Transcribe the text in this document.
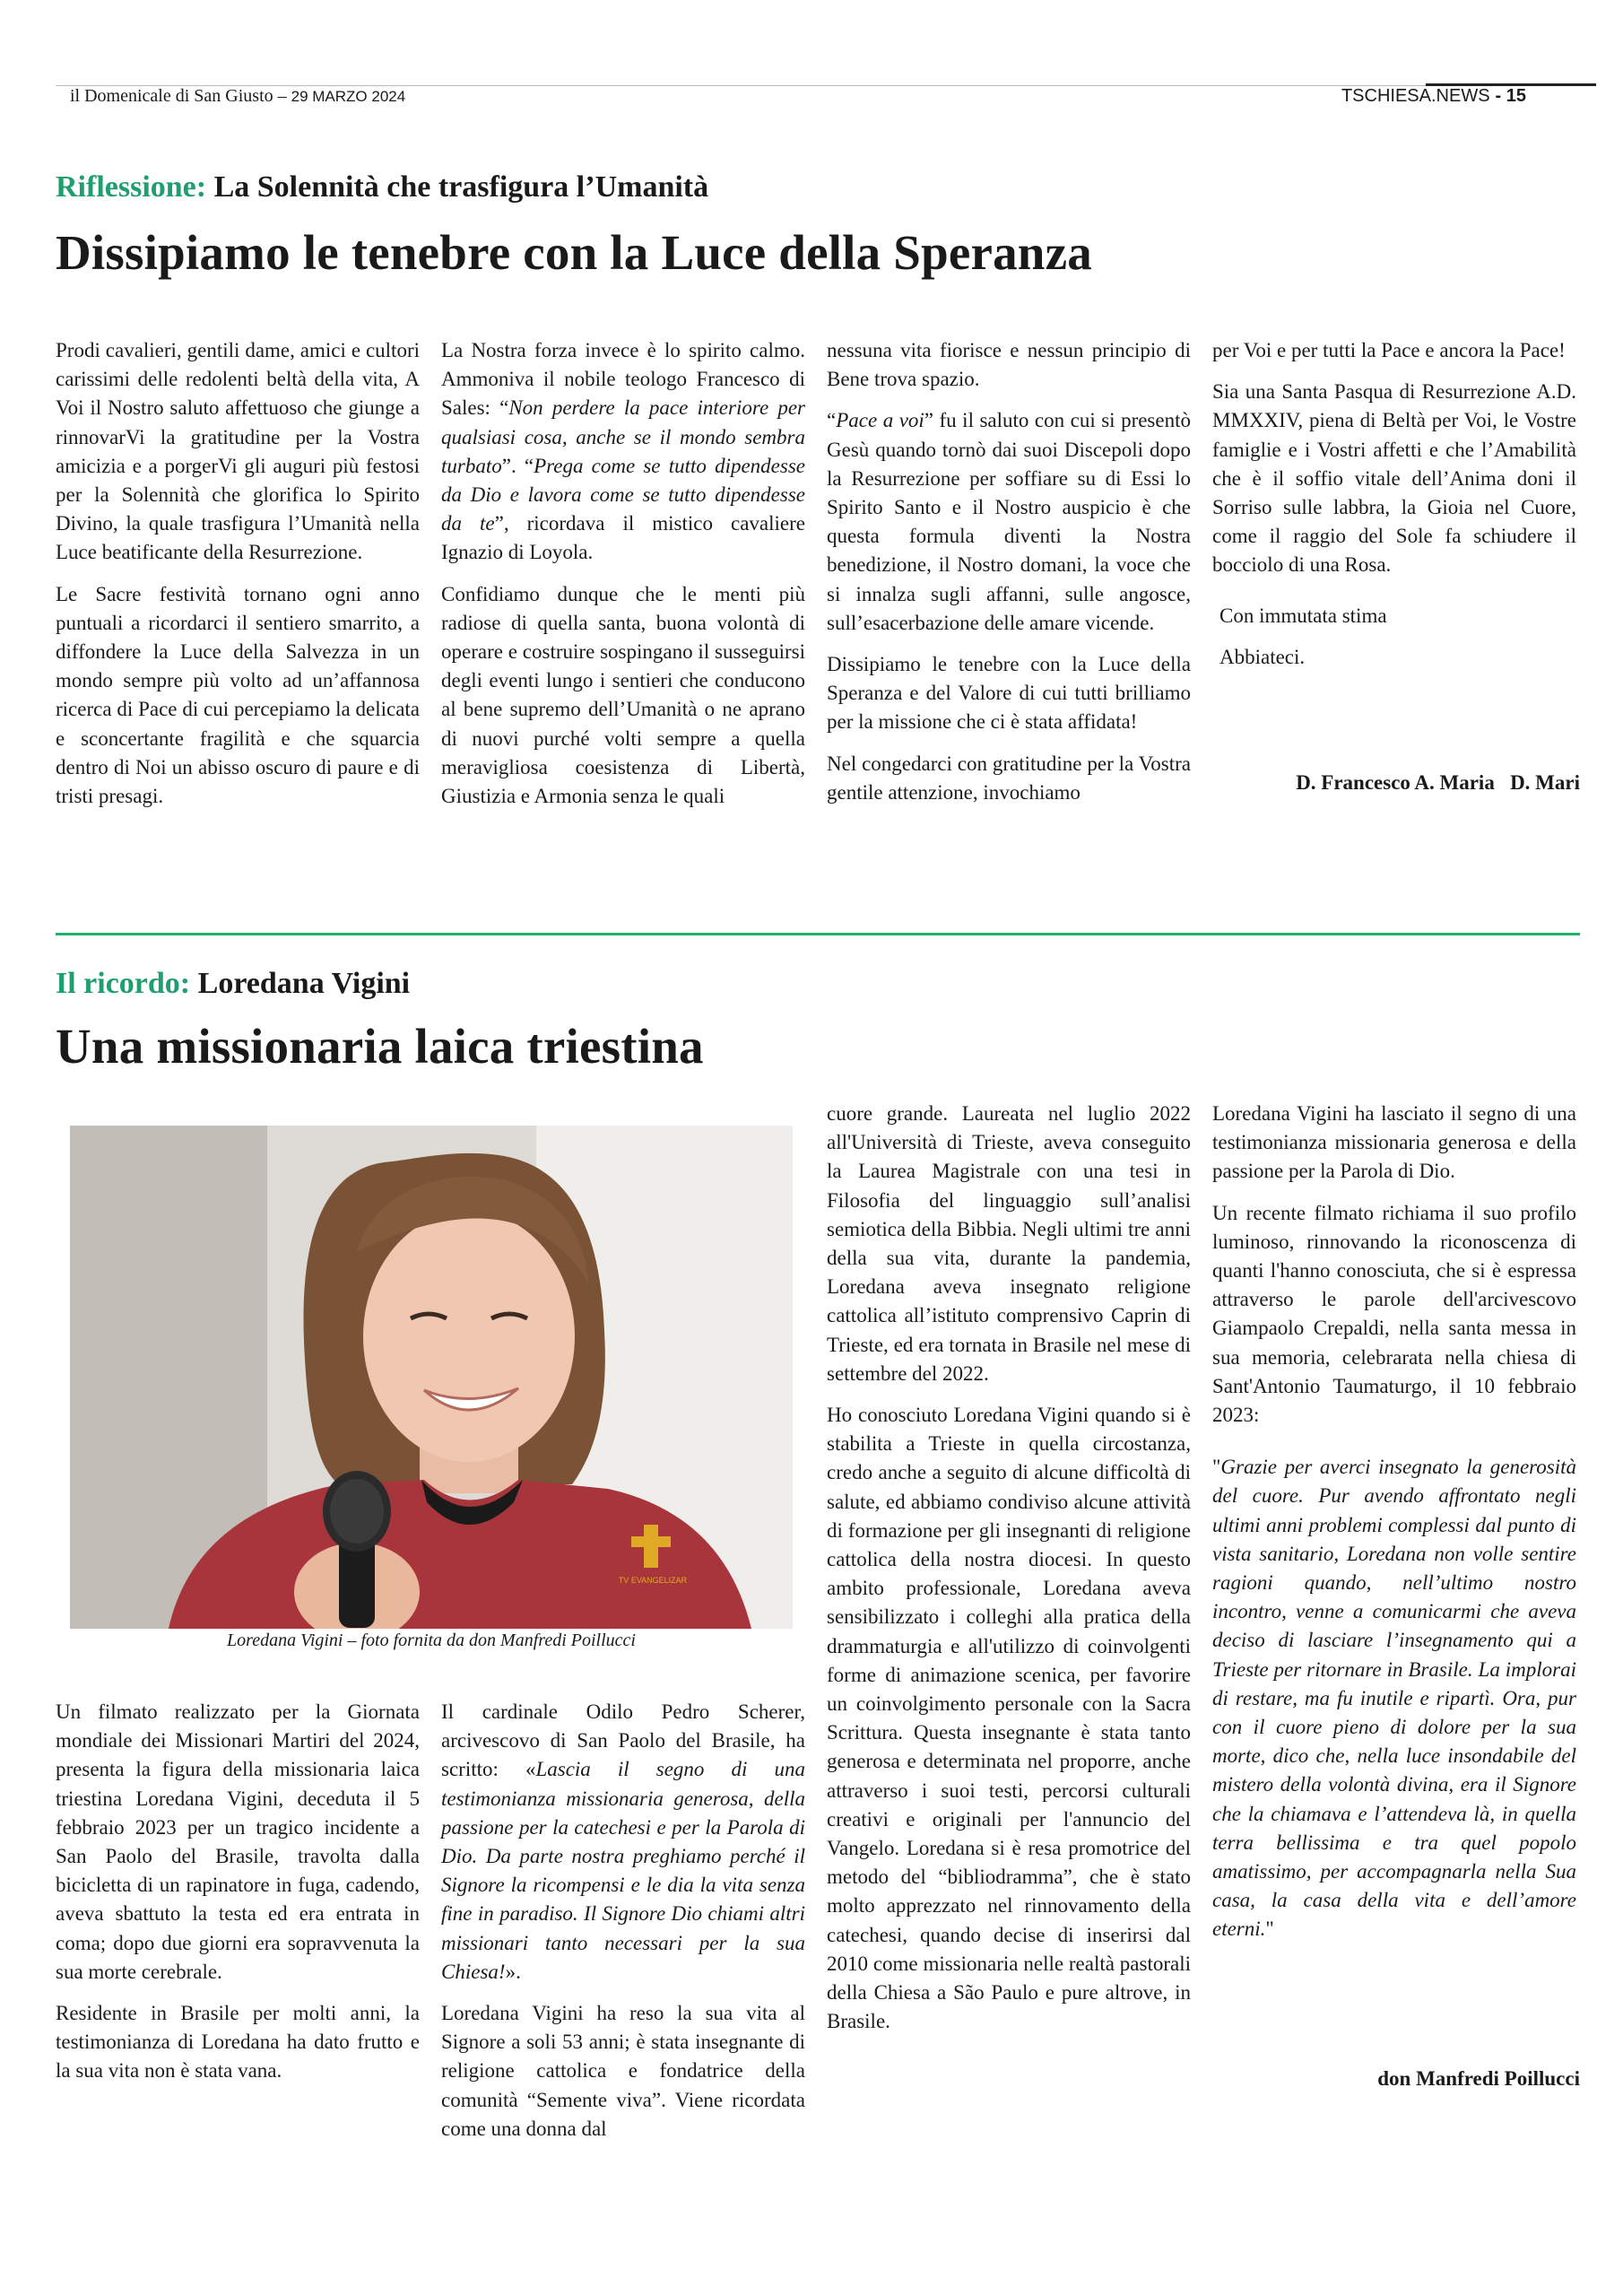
il Domenicale di San Giusto – 29 MARZO 2024	TSCHIESA.NEWS - 15
Riflessione: La Solennità che trasfigura l’Umanità
Dissipiamo le tenebre con la Luce della Speranza

Prodi cavalieri, gentili dame, amici e cultori carissimi delle redolenti beltà della vita, A Voi il Nostro saluto affettuoso che giunge a rinnovarVi la gratitudine per la Vostra amicizia e a porgerVi gli auguri più festosi per la Solennità che glorifica lo Spirito Divino, la quale trasfigura l’Umanità nella Luce beatificante della Resurrezione.

Le Sacre festività tornano ogni anno puntuali a ricordarci il sentiero smarrito, a diffondere la Luce della Salvezza in un mondo sempre più volto ad un’affannosa ricerca di Pace di cui percepiamo la delicata e sconcertante fragilità e che squarcia dentro di Noi un abisso oscuro di paure e di tristi presagi.

La Nostra forza invece è lo spirito calmo. Ammoniva il nobile teologo Francesco di Sales: “Non perdere la pace interiore per qualsiasi cosa, anche se il mondo sembra turbato”. “Prega come se tutto dipendesse da Dio e lavora come se tutto dipendesse da te”, ricordava il mistico cavaliere Ignazio di Loyola.

Confidiamo dunque che le menti più radiose di quella santa, buona volontà di operare e costruire sospingano il susseguirsi degli eventi lungo i sentieri che conducono al bene supremo dell’Umanità o ne aprano di nuovi purché volti sempre a quella meravigliosa coesistenza di Libertà, Giustizia e Armonia senza le quali

nessuna vita fiorisce e nessun principio di Bene trova spazio.

“Pace a voi” fu il saluto con cui si presentò Gesù quando tornò dai suoi Discepoli dopo la Resurrezione per soffiare su di Essi lo Spirito Santo e il Nostro auspicio è che questa formula diventi la Nostra benedizione, il Nostro domani, la voce che si innalza sugli affanni, sulle angosce, sull’esacerbazione delle amare vicende.

Dissipiamo le tenebre con la Luce della Speranza e del Valore di cui tutti brilliamo per la missione che ci è stata affidata!

Nel congedarci con gratitudine per la Vostra gentile attenzione, invochiamo

per Voi e per tutti la Pace e ancora la Pace!

Sia una Santa Pasqua di Resurrezione A.D. MMXXIV, piena di Beltà per Voi, le Vostre famiglie e i Vostri affetti e che l’Amabilità che è il soffio vitale dell’Anima doni il Sorriso sulle labbra, la Gioia nel Cuore, come il raggio del Sole fa schiudere il bocciolo di una Rosa.

Con immutata stima

Abbiateci.

D. Francesco A. Maria   D. Mari
Il ricordo: Loredana Vigini
Una missionaria laica triestina
TV EVANGELIZAR
Loredana Vigini – foto fornita da don Manfredi Poillucci

Un filmato realizzato per la Giornata mondiale dei Missionari Martiri del 2024, presenta la figura della missionaria laica triestina Loredana Vigini, deceduta il 5 febbraio 2023 per un tragico incidente a San Paolo del Brasile, travolta dalla bicicletta di un rapinatore in fuga, cadendo, aveva sbattuto la testa ed era entrata in coma; dopo due giorni era sopravvenuta la sua morte cerebrale.

Residente in Brasile per molti anni, la testimonianza di Loredana ha dato frutto e la sua vita non è stata vana.

Il cardinale Odilo Pedro Scherer, arcivescovo di San Paolo del Brasile, ha scritto: «Lascia il segno di una testimonianza missionaria generosa, della passione per la catechesi e per la Parola di Dio. Da parte nostra preghiamo perché il Signore la ricompensi e le dia la vita senza fine in paradiso. Il Signore Dio chiami altri missionari tanto necessari per la sua Chiesa!».

Loredana Vigini ha reso la sua vita al Signore a soli 53 anni; è stata insegnante di religione cattolica e fondatrice della comunità “Semente viva”. Viene ricordata come una donna dal

cuore grande. Laureata nel luglio 2022 all'Università di Trieste, aveva conseguito la Laurea Magistrale con una tesi in Filosofia del linguaggio sull’analisi semiotica della Bibbia. Negli ultimi tre anni della sua vita, durante la pandemia, Loredana aveva insegnato religione cattolica all’istituto comprensivo Caprin di Trieste, ed era tornata in Brasile nel mese di settembre del 2022.

Ho conosciuto Loredana Vigini quando si è stabilita a Trieste in quella circostanza, credo anche a seguito di alcune difficoltà di salute, ed abbiamo condiviso alcune attività di formazione per gli insegnanti di religione cattolica della nostra diocesi. In questo ambito professionale, Loredana aveva sensibilizzato i colleghi alla pratica della drammaturgia e all'utilizzo di coinvolgenti forme di animazione scenica, per favorire un coinvolgimento personale con la Sacra Scrittura. Questa insegnante è stata tanto generosa e determinata nel proporre, anche attraverso i suoi testi, percorsi culturali creativi e originali per l'annuncio del Vangelo. Loredana si è resa promotrice del metodo del “bibliodramma”, che è stato molto apprezzato nel rinnovamento della catechesi, quando decise di inserirsi dal 2010 come missionaria nelle realtà pastorali della Chiesa a São Paulo e pure altrove, in Brasile.

Loredana Vigini ha lasciato il segno di una testimonianza missionaria generosa e della passione per la Parola di Dio.

Un recente filmato richiama il suo profilo luminoso, rinnovando la riconoscenza di quanti l'hanno conosciuta, che si è espressa attraverso le parole dell'arcivescovo Giampaolo Crepaldi, nella santa messa in sua memoria, celebrarata nella chiesa di Sant'Antonio Taumaturgo, il 10 febbraio 2023:

"Grazie per averci insegnato la generosità del cuore. Pur avendo affrontato negli ultimi anni problemi complessi dal punto di vista sanitario, Loredana non volle sentire ragioni quando, nell’ultimo nostro incontro, venne a comunicarmi che aveva deciso di lasciare l’insegnamento qui a Trieste per ritornare in Brasile. La implorai di restare, ma fu inutile e ripartì. Ora, pur con il cuore pieno di dolore per la sua morte, dico che, nella luce insondabile del mistero della volontà divina, era il Signore che la chiamava e l’attendeva là, in quella terra bellissima e tra quel popolo amatissimo, per accompagnarla nella Sua casa, la casa della vita e dell’amore eterni."

don Manfredi Poillucci
